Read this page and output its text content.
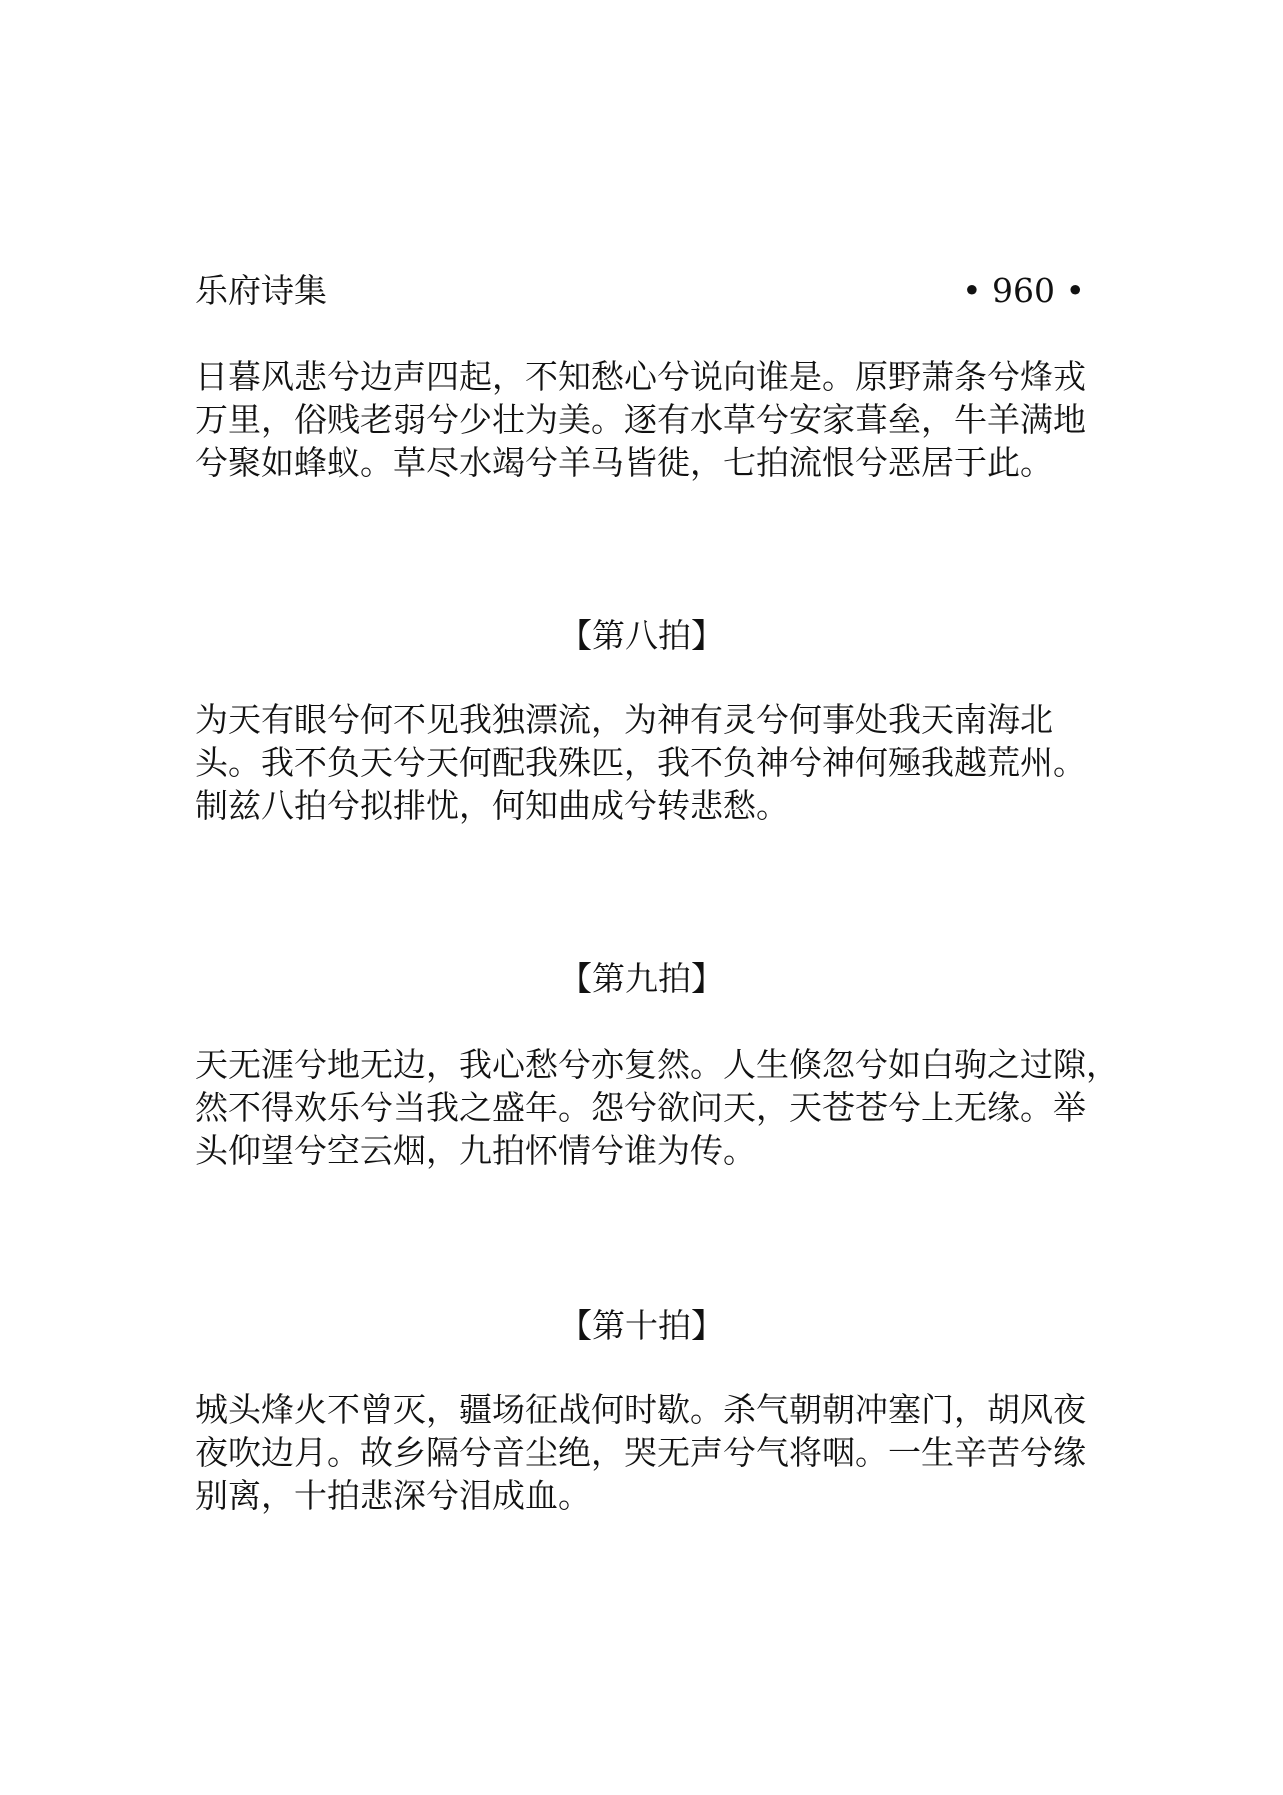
乐府诗集	• 960 •
日暮风悲兮边声四起，不知愁心兮说向谁是。原野萧条兮烽戎
万里，俗贱老弱兮少壮为美。逐有水草兮安家葺垒，牛羊满地
兮聚如蜂蚁。草尽水竭兮羊马皆徙，七拍流恨兮恶居于此。
【第八拍】
为天有眼兮何不见我独漂流，为神有灵兮何事处我天南海北
头。我不负天兮天何配我殊匹，我不负神兮神何殛我越荒州。
制兹八拍兮拟排忧，何知曲成兮转悲愁。
【第九拍】
天无涯兮地无边，我心愁兮亦复然。人生倏忽兮如白驹之过隙，
然不得欢乐兮当我之盛年。怨兮欲问天，天苍苍兮上无缘。举
头仰望兮空云烟，九拍怀情兮谁为传。
【第十拍】
城头烽火不曾灭，疆场征战何时歇。杀气朝朝冲塞门，胡风夜
夜吹边月。故乡隔兮音尘绝，哭无声兮气将咽。一生辛苦兮缘
别离，十拍悲深兮泪成血。
